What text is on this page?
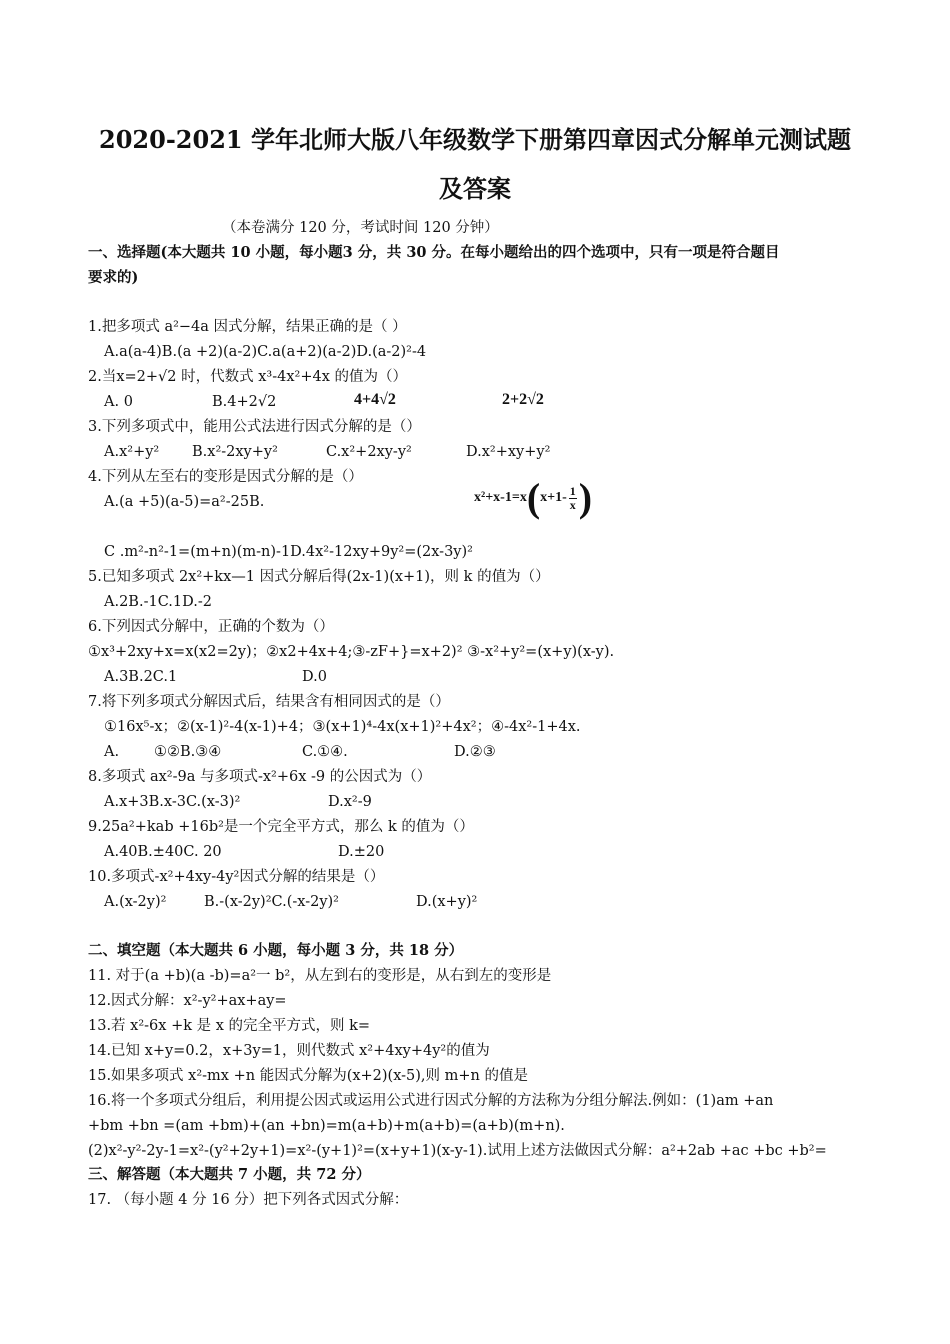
2020-2021 学年北师大版八年级数学下册第四章因式分解单元测试题
及答案
（本卷满分 120 分，考试时间 120 分钟）
一、选择题(本大题共 10 小题，每小题3 分，共 30 分。在每小题给出的四个选项中，只有一项是符合题目
要求的)
1.把多项式 a²−4a 因式分解，结果正确的是（ ）
A.a(a-4)B.(a +2)(a-2)C.a(a+2)(a-2)D.(a-2)²-4
2.当x=2+√2 时，代数式 x³-4x²+4x 的值为（）
A. 0	B.4+2√2	4+4√2	2+2√2
3.下列多项式中，能用公式法进行因式分解的是（）
A.x²+y² B.x²-2xy+y²	C.x²+2xy-y²	D.x²+xy+y²
4.下列从左至右的变形是因式分解的是（）
A.(a +5)(a-5)=a²-25B.	$x^2+x-1=x(x+1- \frac{1}{x}$ )
C .m²-n²-1=(m+n)(m-n)-1D.4x²-12xy+9y²=(2x-3y)²
5.已知多项式 2x²+kx—1 因式分解后得(2x-1)(x+1)，则 k 的值为（）
A.2B.-1C.1D.-2
6.下列因式分解中，正确的个数为（）
①x³+2xy+x=x(x2=2y)；②x2+4x+4;③-zF+}=x+2)² ③-x²+y²=(x+y)(x-y).
A.3B.2C.1	D.0
7.将下列多项式分解因式后，结果含有相同因式的是（）
①16x⁵-x；②(x-1)²-4(x-1)+4；③(x+1)⁴-4x(x+1)²+4x²；④-4x²-1+4x.
A. ①②B.③④	C.①④.	D.②③
8.多项式 ax²-9a 与多项式-x²+6x -9 的公因式为（）
A.x+3B.x-3C.(x-3)²	D.x²-9
9.25a²+kab +16b²是一个完全平方式，那么 k 的值为（）
A.40B.±40C. 20	D.±20
10.多项式-x²+4xy-4y²因式分解的结果是（）
A.(x-2y)²	B.-(x-2y)²C.(-x-2y)²	D.(x+y)²
二、填空题（本大题共 6 小题，每小题 3 分，共 18 分）
11. 对于(a +b)(a -b)=a²一 b²，从左到右的变形是，从右到左的变形是
12.因式分解：x²-y²+ax+ay=
13.若 x²-6x +k 是 x 的完全平方式，则 k=
14.已知 x+y=0.2，x+3y=1，则代数式 x²+4xy+4y²的值为
15.如果多项式 x²-mx +n 能因式分解为(x+2)(x-5),则 m+n 的值是
16.将一个多项式分组后，利用提公因式或运用公式进行因式分解的方法称为分组分解法.例如：(1)am +an
+bm +bn =(am +bm)+(an +bn)=m(a+b)+m(a+b)=(a+b)(m+n).
(2)x²-y²-2y-1=x²-(y²+2y+1)=x²-(y+1)²=(x+y+1)(x-y-1).试用上述方法做因式分解：a²+2ab +ac +bc +b²=
三、解答题（本大题共 7 小题，共 72 分）
17. （每小题 4 分 16 分）把下列各式因式分解：
